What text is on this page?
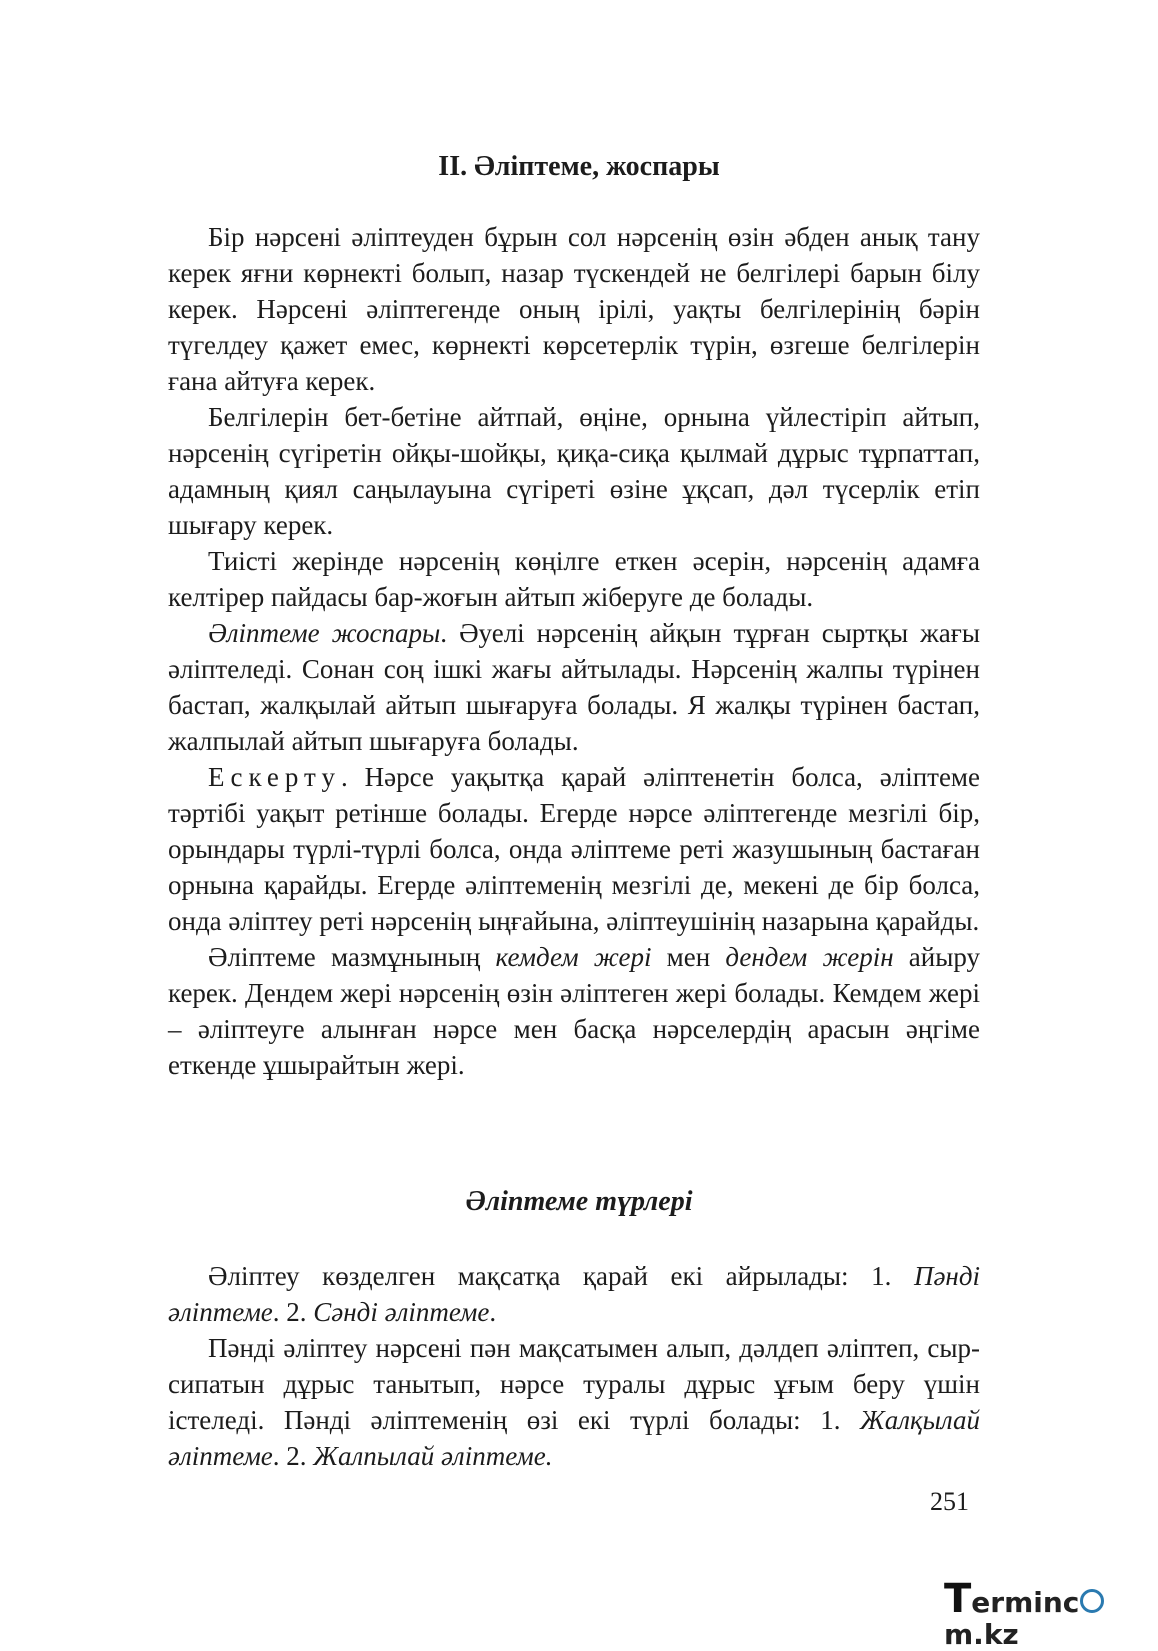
II. Әліптеме, жоспары

Бір нәрсені әліптеуден бұрын сол нәрсенің өзін әбден анық тану керек яғни көрнекті болып, назар түскендей не белгілері барын білу керек. Нәрсені әліптегенде оның ірілі, уақты белгілерінің бәрін түгелдеу қажет емес, көрнекті көрсетерлік түрін, өзгеше белгілерін ғана айтуға керек.

Белгілерін бет-бетіне айтпай, өңіне, орнына үйлестіріп айтып, нәрсенің сүгіретін ойқы-шойқы, қиқа-сиқа қылмай дұрыс тұрпаттап, адамның қиял саңылауына сүгіреті өзіне ұқсап, дәл түсерлік етіп шығару керек.

Тиісті жерінде нәрсенің көңілге еткен әсерін, нәрсенің адамға келтірер пайдасы бар-жоғын айтып жіберуге де болады.

Әліптеме жоспары. Әуелі нәрсенің айқын тұрған сыртқы жағы әліптеледі. Сонан соң ішкі жағы айтылады. Нәрсенің жалпы түрінен бастап, жалқылай айтып шығаруға болады. Я жалқы түрінен бастап, жалпылай айтып шығаруға болады.

Ескерту. Нәрсе уақытқа қарай әліптенетін болса, әліптеме тәртібі уақыт ретінше болады. Егерде нәрсе әліптегенде мезгілі бір, орындары түрлі-түрлі болса, онда әліптеме реті жазушының бастаған орнына қарайды. Егерде әліптеменің мезгілі де, мекені де бір болса, онда әліптеу реті нәрсенің ыңғайына, әліптеушінің назарына қарайды.

Әліптеме мазмұнының кемдем жері мен дендем жерін айыру керек. Дендем жері нәрсенің өзін әліптеген жері болады. Кемдем жері – әліптеуге алынған нәрсе мен басқа нәрселердің арасын әңгіме еткенде ұшырайтын жері.

Әліптеме түрлері

Әліптеу көзделген мақсатқа қарай екі айрылады: 1. Пәнді әліптеме. 2. Сәнді әліптеме.

Пәнді әліптеу нәрсені пән мақсатымен алып, дәлдеп әліптеп, сыр-сипатын дұрыс танытып, нәрсе туралы дұрыс ұғым беру үшін істеледі. Пәнді әліптеменің өзі екі түрлі болады: 1. Жалқылай әліптеме. 2. Жалпылай әліптеме.

251
Termincm.kz
